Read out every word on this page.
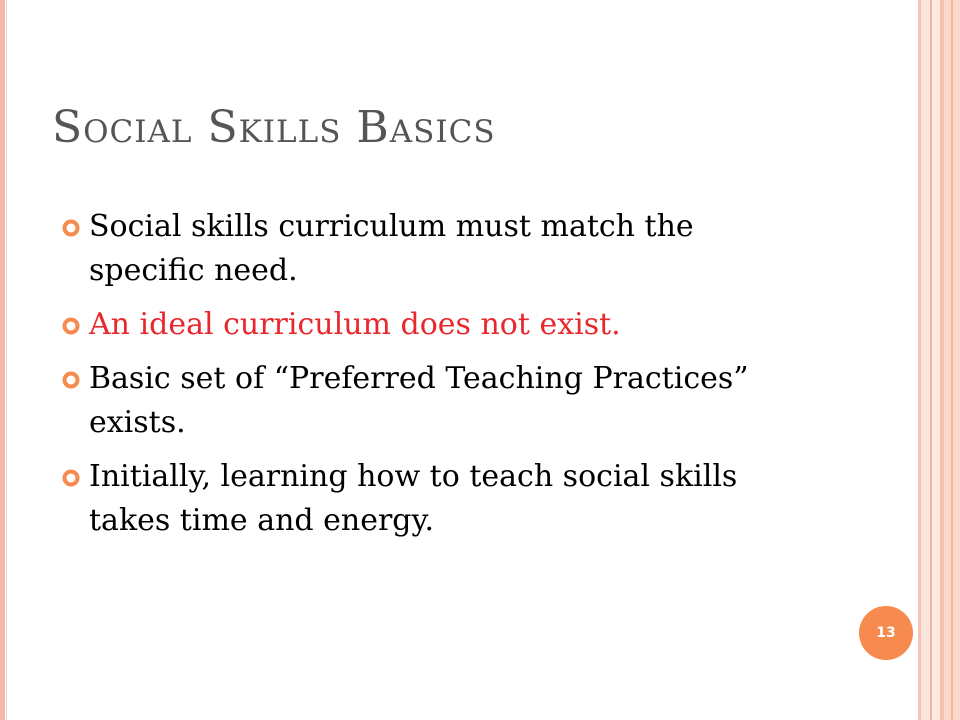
Social Skills Basics
Social skills curriculum must match the specific need.
An ideal curriculum does not exist.
Basic set of “Preferred Teaching Practices” exists.
Initially, learning how to teach social skills takes time and energy.
13
